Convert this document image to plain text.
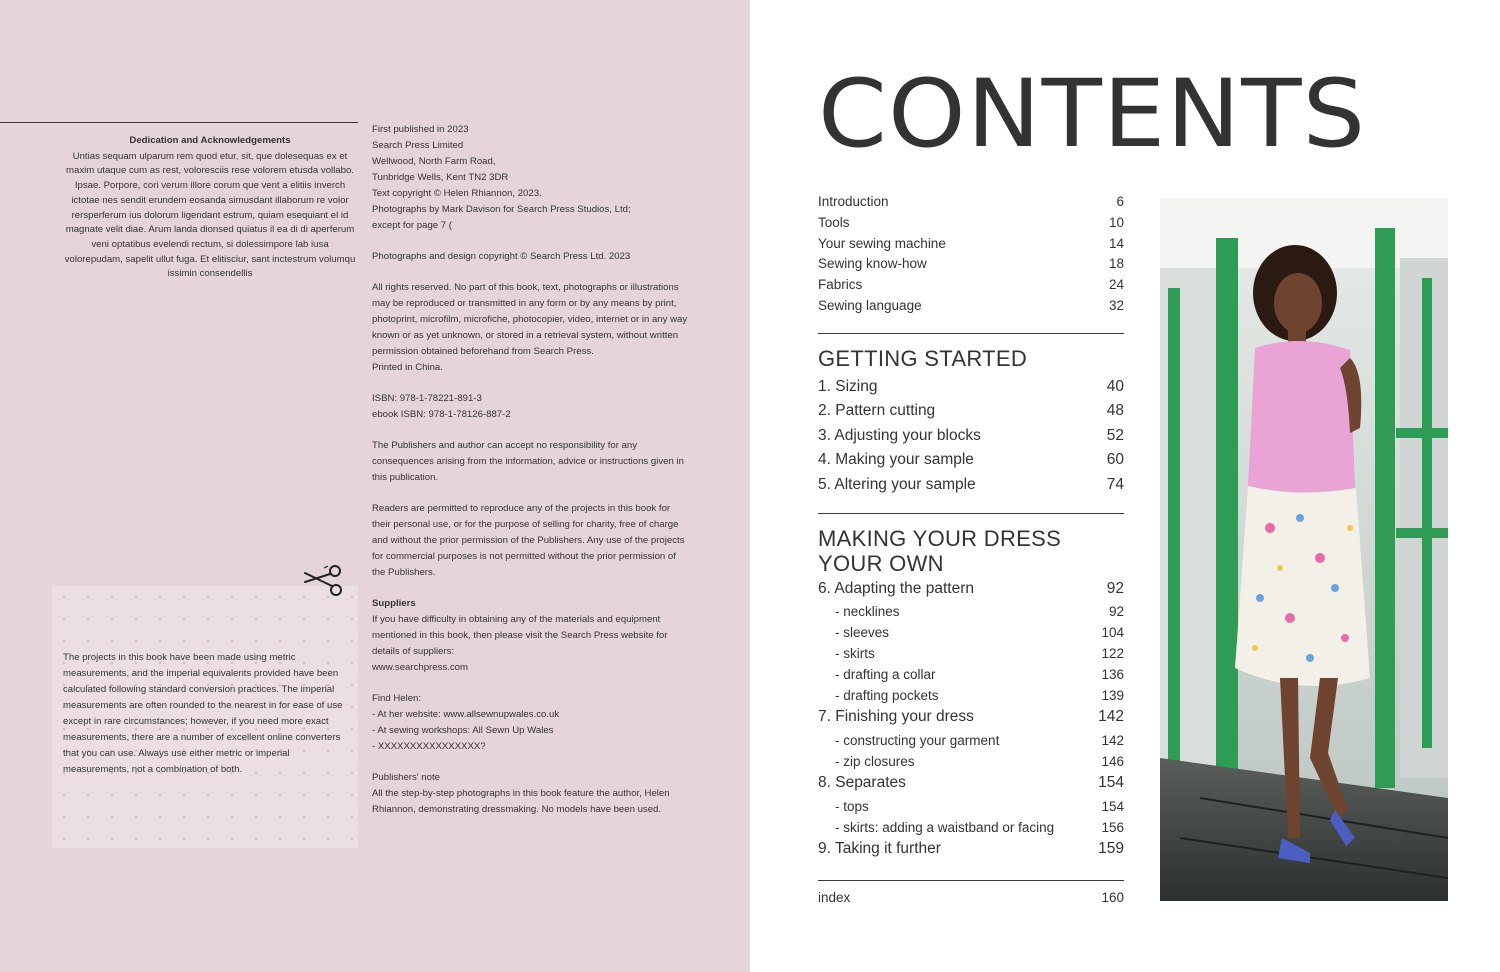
Dedication and Acknowledgements
Untias sequam ulparum rem quod etur, sit, que dolesequas ex et maxim utaque cum as rest, voloresciis rese volorem etusda vollabo. Ipsae. Porpore, cori verum illore corum que vent a elitiis inverch ictotae nes sendit erundem eosanda simusdant illaborum re volor rersperferum ius dolorum ligendant estrum, quiam esequiant el id magnate velit diae. Arum landa dionsed quiatus il ea di di aperferum veni optatibus evelendi rectum, si dolessimpore lab iusa volorepudam, sapelit ullut fuga. Et elitisciur, sant inctestrum volumqu issimin consendellis

First published in 2023
Search Press Limited
Wellwood, North Farm Road,
Tunbridge Wells, Kent TN2 3DR
Text copyright © Helen Rhiannon, 2023.
Photographs by Mark Davison for Search Press Studios, Ltd;
except for page 7 (

Photographs and design copyright © Search Press Ltd. 2023

All rights reserved. No part of this book, text, photographs or illustrations may be reproduced or transmitted in any form or by any means by print, photoprint, microfilm, microfiche, photocopier, video, internet or in any way known or as yet unknown, or stored in a retrieval system, without written permission obtained beforehand from Search Press.
Printed in China.

ISBN: 978-1-78221-891-3
ebook ISBN: 978-1-78126-887-2

The Publishers and author can accept no responsibility for any consequences arising from the information, advice or instructions given in this publication.

Readers are permitted to reproduce any of the projects in this book for their personal use, or for the purpose of selling for charity, free of charge and without the prior permission of the Publishers. Any use of the projects for commercial purposes is not permitted without the prior permission of the Publishers.

Suppliers
If you have difficulty in obtaining any of the materials and equipment mentioned in this book, then please visit the Search Press website for details of suppliers:
www.searchpress.com

Find Helen:
- At her website: www.allsewnupwales.co.uk
- At sewing workshops: All Sewn Up Wales
- XXXXXXXXXXXXXXXX?

Publishers' note
All the step-by-step photographs in this book feature the author, Helen Rhiannon, demonstrating dressmaking. No models have been used.

The projects in this book have been made using metric measurements, and the imperial equivalents provided have been calculated following standard conversion practices. The imperial measurements are often rounded to the nearest in for ease of use except in rare circumstances; however, if you need more exact measurements, there are a number of excellent online converters that you can use. Always use either metric or imperial measurements, not a combination of both.
CONTENTS
Introduction	6
Tools	10
Your sewing machine	14
Sewing know-how	18
Fabrics	24
Sewing language	32
GETTING STARTED
1. Sizing	40
2. Pattern cutting	48
3. Adjusting your blocks	52
4. Making your sample	60
5. Altering your sample	74
MAKING YOUR DRESS
YOUR OWN
6. Adapting the pattern	92
- necklines	92
- sleeves	104
- skirts	122
- drafting a collar	136
- drafting pockets	139
7. Finishing your dress	142
- constructing your garment	142
- zip closures	146
8. Separates	154
- tops	154
- skirts: adding a waistband or facing	156
9. Taking it further	159
index	160
